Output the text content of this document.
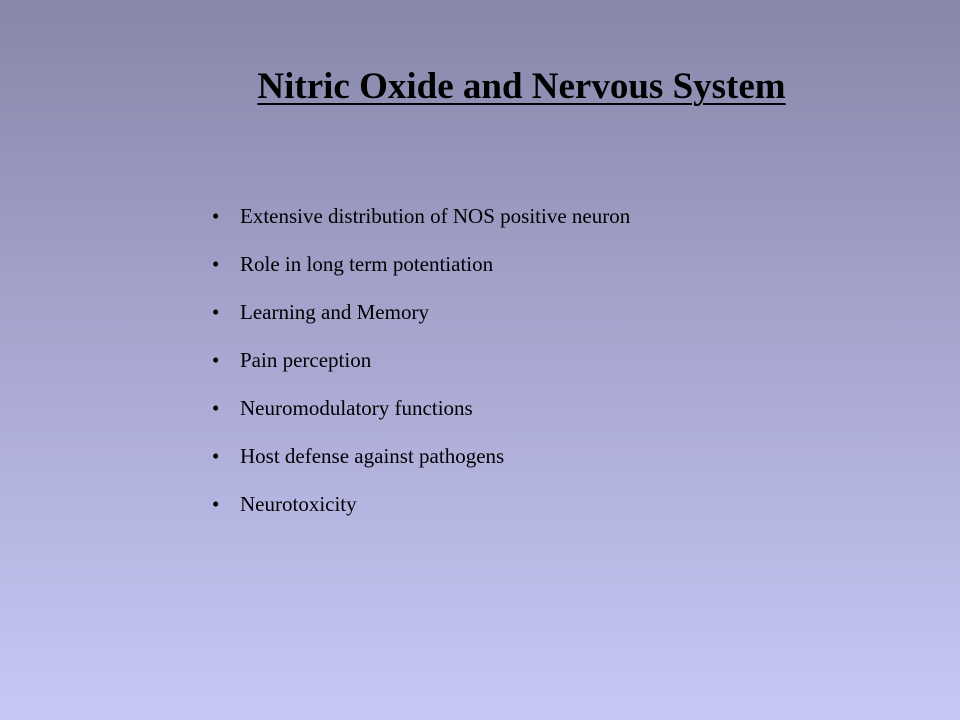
Nitric Oxide and Nervous System
• Extensive distribution of NOS positive neuron
• Role in long term potentiation
• Learning and Memory
• Pain perception
• Neuromodulatory functions
• Host defense against pathogens
• Neurotoxicity
